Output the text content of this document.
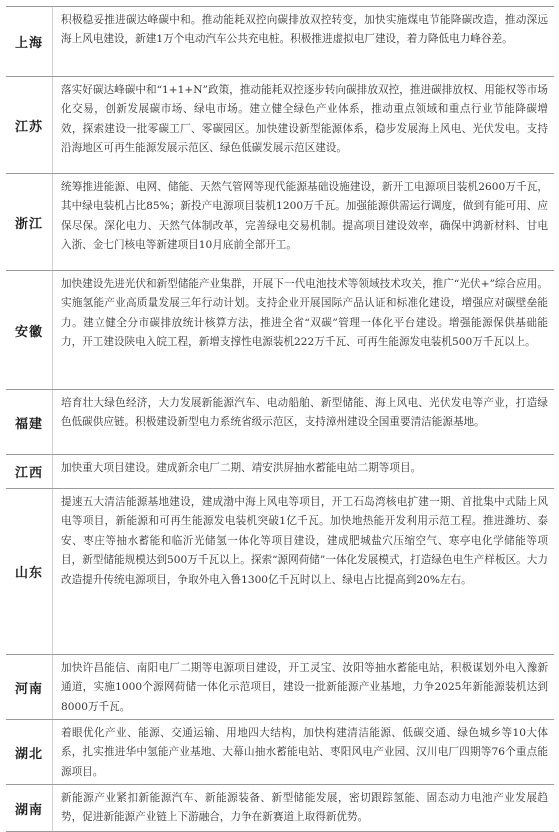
上海
积极稳妥推进碳达峰碳中和。推动能耗双控向碳排放双控转变，加快实施煤电节能降碳改造，推动深远海上风电建设，新建1万个电动汽车公共充电桩。积极推进虚拟电厂建设，着力降低电力峰谷差。
江苏
落实好碳达峰碳中和“1+1+N”政策，推动能耗双控逐步转向碳排放双控，推进碳排放权、用能权等市场化交易，创新发展碳市场、绿电市场。建立健全绿色产业体系，推动重点领域和重点行业节能降碳增效，探索建设一批零碳工厂、零碳园区。加快建设新型能源体系，稳步发展海上风电、光伏发电。支持沿海地区可再生能源发展示范区、绿色低碳发展示范区建设。
浙江
统筹推进能源、电网、储能、天然气管网等现代能源基础设施建设，新开工电源项目装机2600万千瓦，其中绿电装机占比85%；新投产电源项目装机1200万千瓦。加强能源供需运行调度，做到有能可用、应保尽保。深化电力、天然气体制改革，完善绿电交易机制。提高项目建设效率，确保中鸿新材料、甘电入浙、金七门核电等新建项目10月底前全部开工。
安徽
加快建设先进光伏和新型储能产业集群，开展下一代电池技术等领域技术攻关，推广“光伏+”综合应用。实施氢能产业高质量发展三年行动计划。支持企业开展国际产品认证和标准化建设，增强应对碳壁垒能力。建立健全分市碳排放统计核算方法，推进全省“双碳”管理一体化平台建设。增强能源保供基础能力，开工建设陕电入皖工程，新增支撑性电源装机222万千瓦、可再生能源发电装机500万千瓦以上。
福建
培育壮大绿色经济，大力发展新能源汽车、电动船舶、新型储能、海上风电、光伏发电等产业，打造绿色低碳供应链。积极建设新型电力系统省级示范区，支持漳州建设全国重要清洁能源基地。
江西	加快重大项目建设。建成新余电厂二期、靖安洪屏抽水蓄能电站二期等项目。
山东
提速五大清洁能源基地建设，建成渤中海上风电等项目，开工石岛湾核电扩建一期、首批集中式陆上风电等项目，新能源和可再生能源发电装机突破1亿千瓦。加快地热能开发利用示范工程。推进潍坊、泰安、枣庄等抽水蓄能和临沂光储氢一体化等项目建设，建成肥城盐穴压缩空气、寒亭电化学储能等项目，新型储能规模达到500万千瓦以上。探索“源网荷储”一体化发展模式，打造绿色电生产样板区。大力改造提升传统电源项目，争取外电入鲁1300亿千瓦时以上、绿电占比提高到20%左右。
河南
加快许昌能信、南阳电厂二期等电源项目建设，开工灵宝、汝阳等抽水蓄能电站，积极谋划外电入豫新通道，实施1000个源网荷储一体化示范项目，建设一批新能源产业基地，力争2025年新能源装机达到8000万千瓦。
湖北
着眼优化产业、能源、交通运输、用地四大结构，加快构建清洁能源、低碳交通、绿色城乡等10大体系，扎实推进华中氢能产业基地、大幕山抽水蓄能电站、枣阳风电产业园、汉川电厂四期等76个重点能源项目。
湖南
新能源产业紧扣新能源汽车、新能源装备、新型储能发展，密切跟踪氢能、固态动力电池产业发展趋势，促进新能源产业链上下游融合，力争在新赛道上取得新优势。
